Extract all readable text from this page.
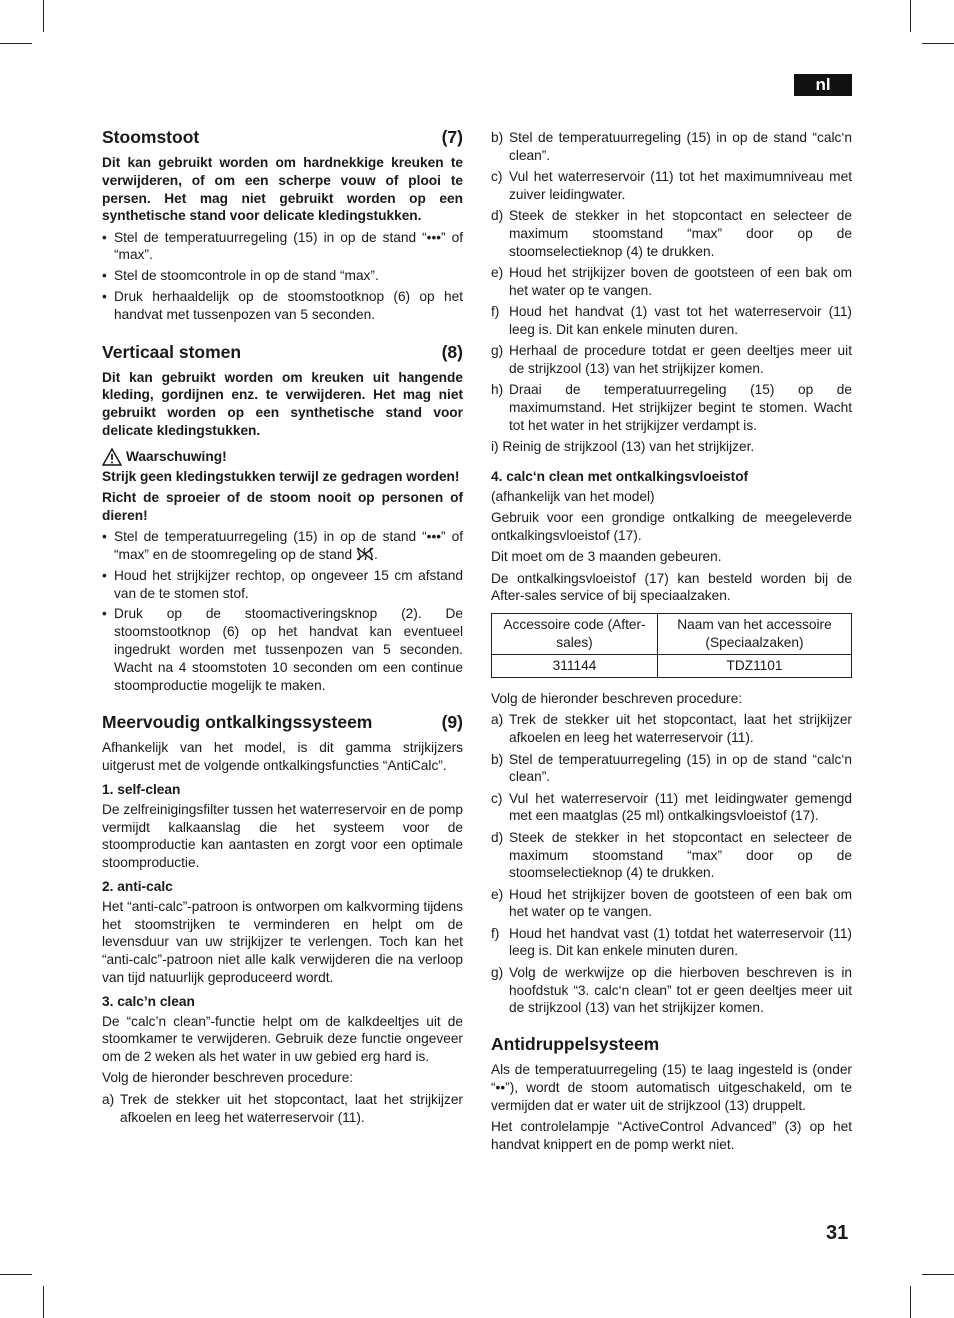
nl
Stoomstoot	(7)

Dit kan gebruikt worden om hardnekkige kreuken te verwijderen, of om een scherpe vouw of plooi te persen. Het mag niet gebruikt worden op een synthetische stand voor delicate kledingstukken.

• Stel de temperatuurregeling (15) in op de stand “•••” of “max”.
• Stel de stoomcontrole in op de stand “max”.
• Druk herhaaldelijk op de stoomstootknop (6) op het handvat met tussenpozen van 5 seconden.
Verticaal stomen	(8)

Dit kan gebruikt worden om kreuken uit hangende kleding, gordijnen enz. te verwijderen. Het mag niet gebruikt worden op een synthetische stand voor delicate kledingstukken.

Waarschuwing!

Strijk geen kledingstukken terwijl ze gedragen worden!

Richt de sproeier of de stoom nooit op personen of dieren!

• Stel de temperatuurregeling (15) in op de stand “•••” of “max” en de stoomregeling op de stand .
• Houd het strijkijzer rechtop, op ongeveer 15 cm afstand van de te stomen stof.
• Druk op de stoomactiveringsknop (2). De stoomstootknop (6) op het handvat kan eventueel ingedrukt worden met tussenpozen van 5 seconden. Wacht na 4 stoomstoten 10 seconden om een continue stoomproductie mogelijk te maken.
Meervoudig ontkalkingssysteem	(9)

Afhankelijk van het model, is dit gamma strijkijzers uitgerust met de volgende ontkalkingsfuncties “AntiCalc”.

1. self-clean

De zelfreinigingsfilter tussen het waterreservoir en de pomp vermijdt kalkaanslag die het systeem voor de stoomproductie kan aantasten en zorgt voor een optimale stoomproductie.

2. anti-calc

Het “anti-calc”-patroon is ontworpen om kalkvorming tijdens het stoomstrijken te verminderen en helpt om de levensduur van uw strijkijzer te verlengen. Toch kan het “anti-calc”-patroon niet alle kalk verwijderen die na verloop van tijd natuurlijk geproduceerd wordt.

3. calc’n clean

De “calc’n clean”-functie helpt om de kalkdeeltjes uit de stoomkamer te verwijderen. Gebruik deze functie ongeveer om de 2 weken als het water in uw gebied erg hard is.

Volg de hieronder beschreven procedure:

a) Trek de stekker uit het stopcontact, laat het strijkijzer afkoelen en leeg het waterreservoir (11).
b) Stel de temperatuurregeling (15) in op de stand “calc‘n clean”.
c) Vul het waterreservoir (11) tot het maximumniveau met zuiver leidingwater.
d) Steek de stekker in het stopcontact en selecteer de maximum stoomstand “max” door op de stoomselectieknop (4) te drukken.
e) Houd het strijkijzer boven de gootsteen of een bak om het water op te vangen.
f) Houd het handvat (1) vast tot het waterreservoir (11) leeg is. Dit kan enkele minuten duren.
g) Herhaal de procedure totdat er geen deeltjes meer uit de strijkzool (13) van het strijkijzer komen.
h) Draai de temperatuurregeling (15) op de maximumstand. Het strijkijzer begint te stomen. Wacht tot het water in het strijkijzer verdampt is.

i) Reinig de strijkzool (13) van het strijkijzer.

4. calc‘n clean met ontkalkingsvloeistof

(afhankelijk van het model)

Gebruik voor een grondige ontkalking de meegeleverde ontkalkingsvloeistof (17).

Dit moet om de 3 maanden gebeuren.

De ontkalkingsvloeistof (17) kan besteld worden bij de After-sales service of bij speciaalzaken.

Accessoire code (After-sales)	Naam van het accessoire (Speciaalzaken)
311144	TDZ1101

Volg de hieronder beschreven procedure:

a) Trek de stekker uit het stopcontact, laat het strijkijzer afkoelen en leeg het waterreservoir (11).
b) Stel de temperatuurregeling (15) in op de stand “calc‘n clean”.
c) Vul het waterreservoir (11) met leidingwater gemengd met een maatglas (25 ml) ontkalkingsvloeistof (17).
d) Steek de stekker in het stopcontact en selecteer de maximum stoomstand “max” door op de stoomselectieknop (4) te drukken.
e) Houd het strijkijzer boven de gootsteen of een bak om het water op te vangen.
f) Houd het handvat vast (1) totdat het waterreservoir (11) leeg is. Dit kan enkele minuten duren.
g) Volg de werkwijze op die hierboven beschreven is in hoofdstuk “3. calc‘n clean” tot er geen deeltjes meer uit de strijkzool (13) van het strijkijzer komen.
Antidruppelsysteem

Als de temperatuurregeling (15) te laag ingesteld is (onder “••”), wordt de stoom automatisch uitgeschakeld, om te vermijden dat er water uit de strijkzool (13) druppelt.

Het controlelampje “ActiveControl Advanced” (3) op het handvat knippert en de pomp werkt niet.

31
